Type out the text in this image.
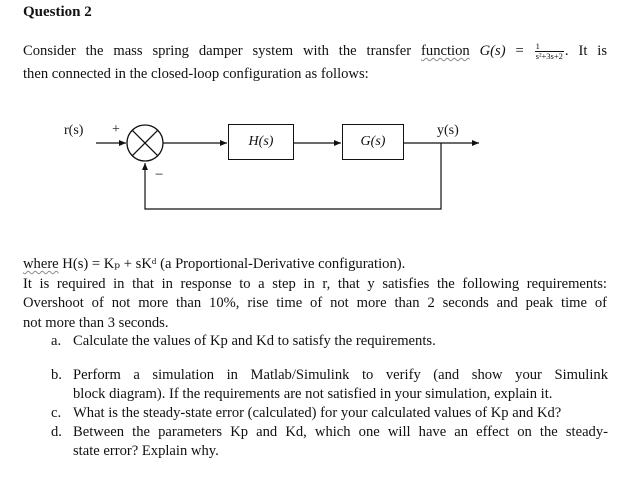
Question 2
Consider the mass spring damper system with the transfer function $G(s) = \frac{1}{\text{s²+3s+2}}$ . It is
then connected in the closed-loop configuration as follows:
H(s)	G(s)
r(s) +
−
y(s)
where H(s) = Kₚ + sKᵈ (a Proportional-Derivative configuration).
It is required in that in response to a step in r, that y satisfies the following requirements:
Overshoot of not more than 10%, rise time of not more than 2 seconds and peak time of
not more than 3 seconds.
a. Calculate the values of Kp and Kd to satisfy the requirements.
b. Perform a simulation in Matlab/Simulink to verify (and show your Simulink
block diagram). If the requirements are not satisfied in your simulation, explain it.
c. What is the steady-state error (calculated) for your calculated values of Kp and Kd?
d. Between the parameters Kp and Kd, which one will have an effect on the steady-
state error? Explain why.
